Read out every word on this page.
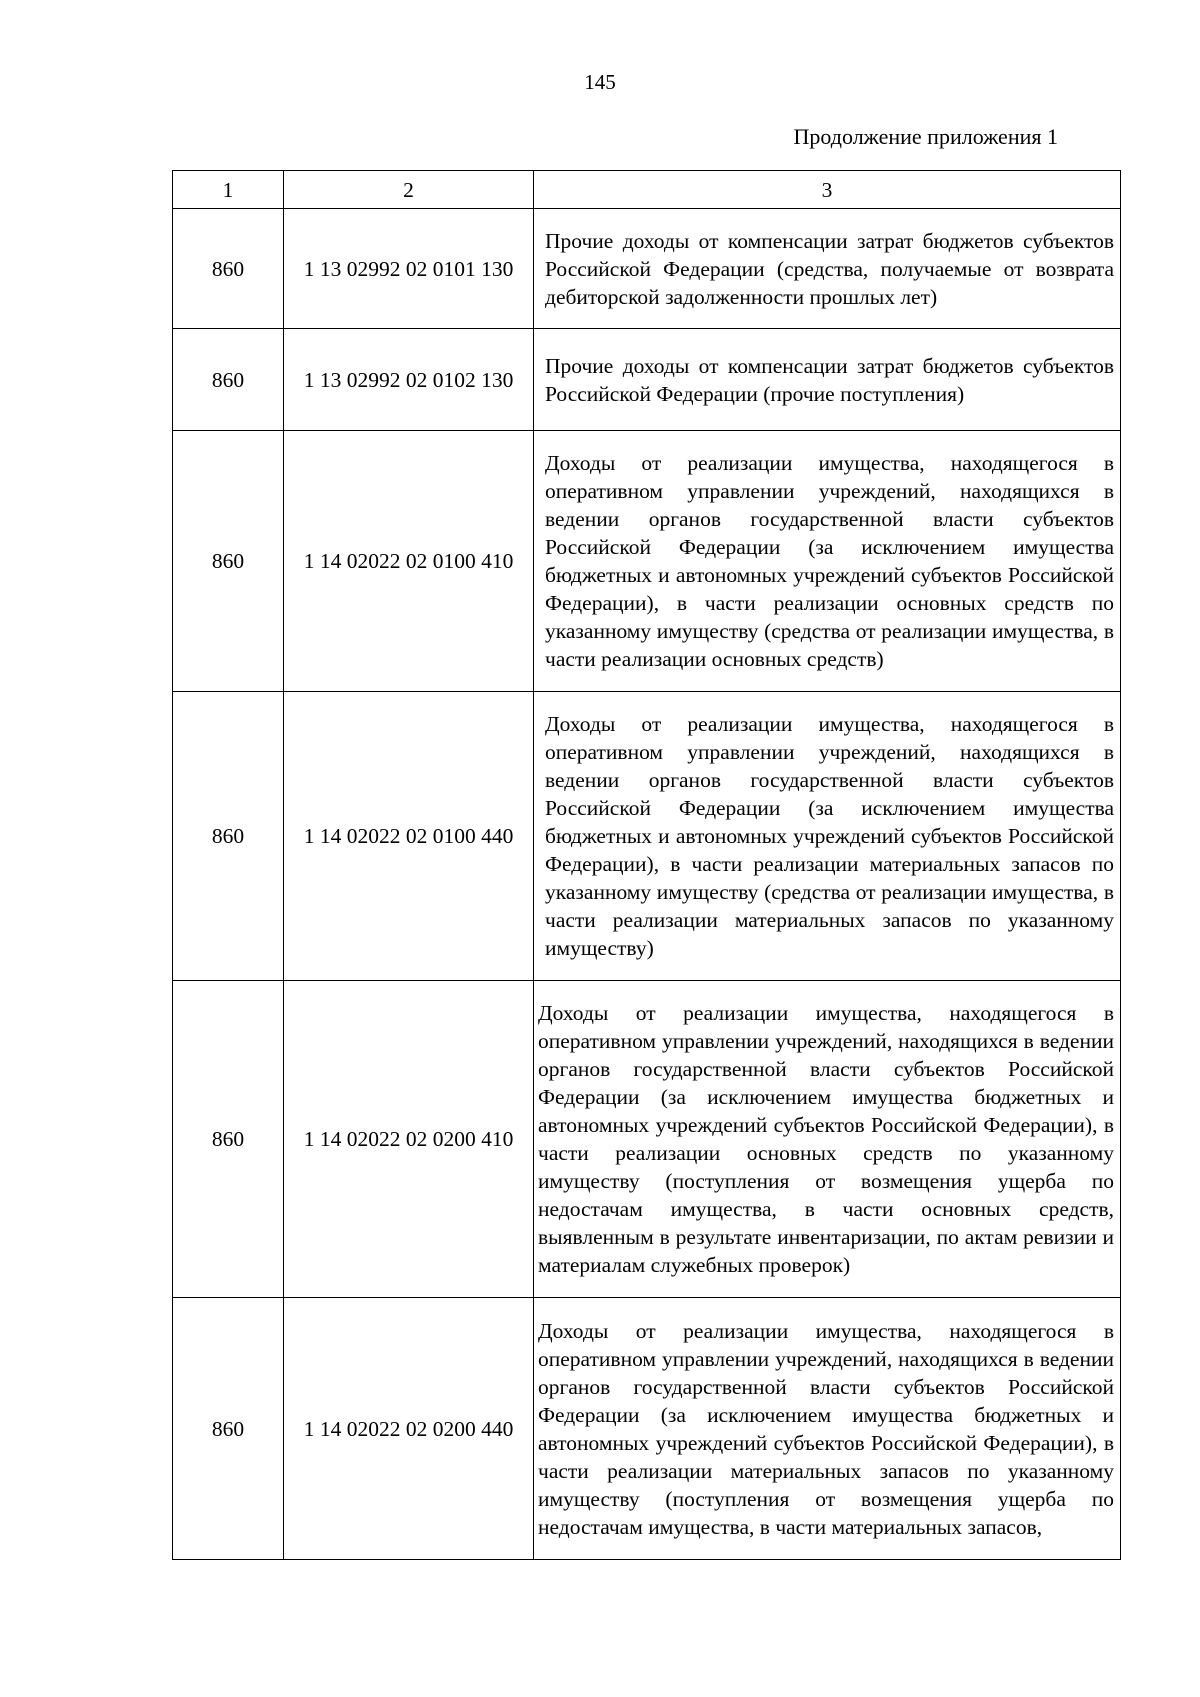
145
Продолжение приложения 1
1	2	3
860	1 13 02992 02 0101 130	Прочие доходы от компенсации затрат бюджетов субъектов Российской Федерации (средства, получаемые от возврата дебиторской задолженности прошлых лет)
860	1 13 02992 02 0102 130	Прочие доходы от компенсации затрат бюджетов субъектов Российской Федерации (прочие поступления)
860	1 14 02022 02 0100 410	Доходы от реализации имущества, находящегося в оперативном управлении учреждений, находящихся в ведении органов государственной власти субъектов Российской Федерации (за исключением имущества бюджетных и автономных учреждений субъектов Российской Федерации), в части реализации основных средств по указанному имуществу (средства от реализации имущества, в части реализации основных средств)
860	1 14 02022 02 0100 440	Доходы от реализации имущества, находящегося в оперативном управлении учреждений, находящихся в ведении органов государственной власти субъектов Российской Федерации (за исключением имущества бюджетных и автономных учреждений субъектов Российской Федерации), в части реализации материальных запасов по указанному имуществу (средства от реализации имущества, в части реализации материальных запасов по указанному имуществу)
860	1 14 02022 02 0200 410	Доходы от реализации имущества, находящегося в оперативном управлении учреждений, находящихся в ведении органов государственной власти субъектов Российской Федерации (за исключением имущества бюджетных и автономных учреждений субъектов Российской Федерации), в части реализации основных средств по указанному имуществу (поступления от возмещения ущерба по недостачам имущества, в части основных средств, выявленным в результате инвентаризации, по актам ревизии и материалам служебных проверок)
860	1 14 02022 02 0200 440	Доходы от реализации имущества, находящегося в оперативном управлении учреждений, находящихся в ведении органов государственной власти субъектов Российской Федерации (за исключением имущества бюджетных и автономных учреждений субъектов Российской Федерации), в части реализации материальных запасов по указанному имуществу (поступления от возмещения ущерба по недостачам имущества, в части материальных запасов,
